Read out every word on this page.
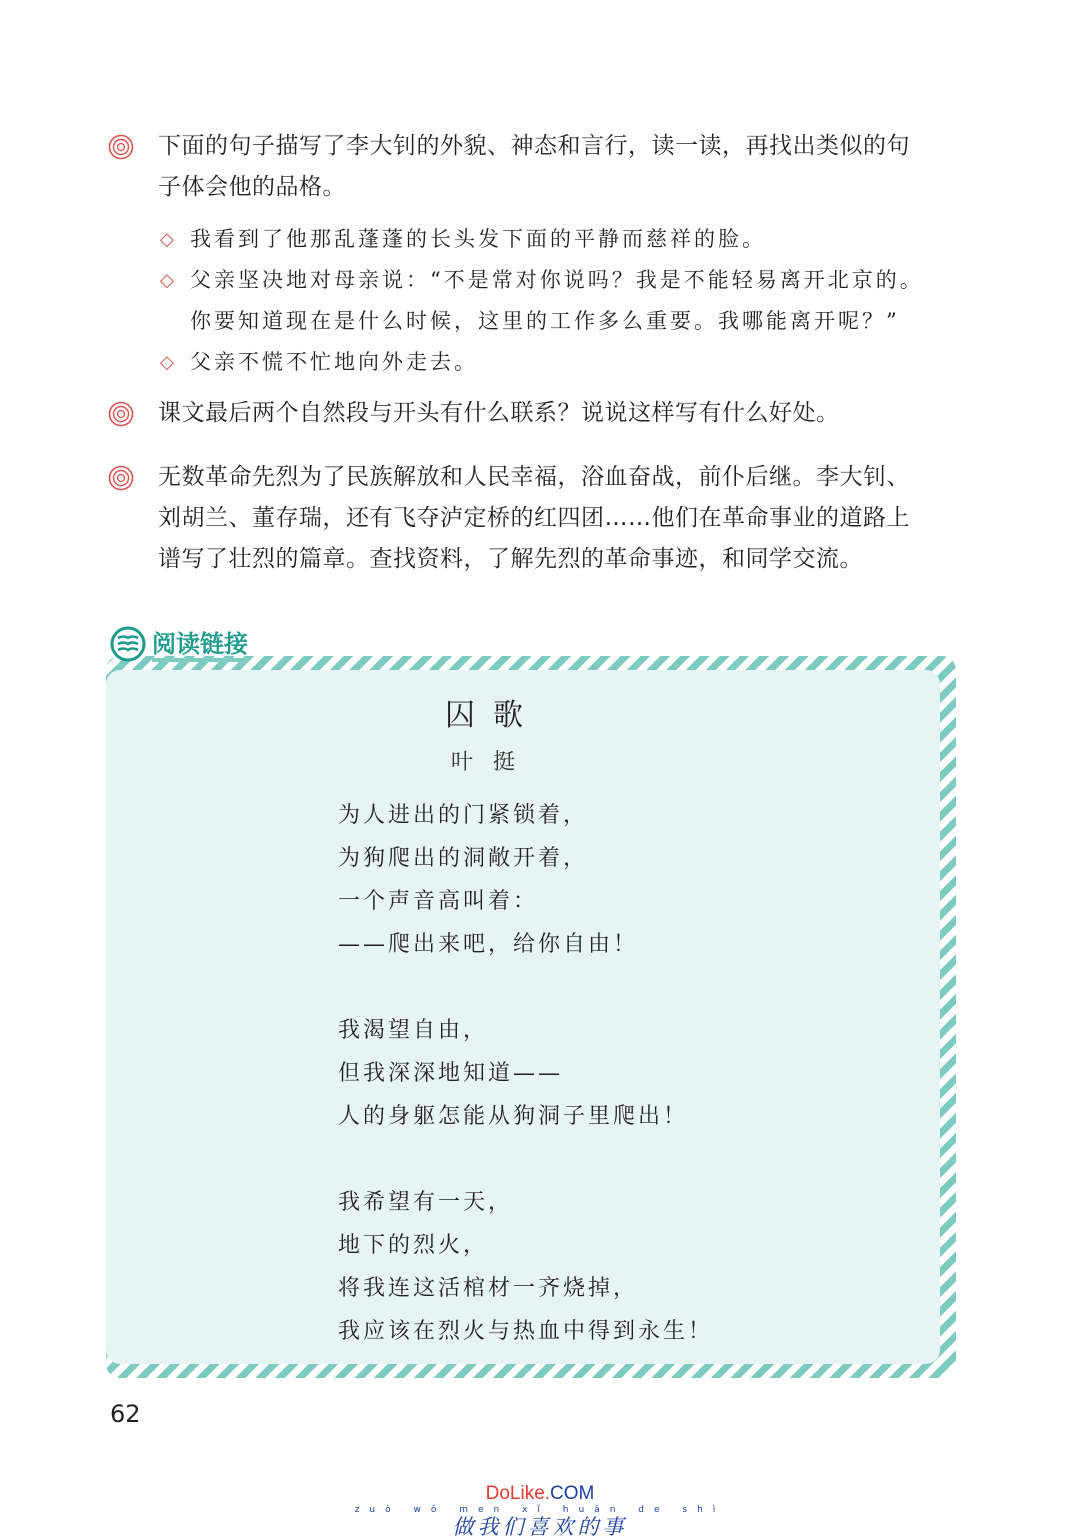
下面的句子描写了李大钊的外貌、神态和言行，读一读，再找出类似的句
子体会他的品格。
◇ 我看到了他那乱蓬蓬的长头发下面的平静而慈祥的脸。
◇ 父亲坚决地对母亲说：“不是常对你说吗？我是不能轻易离开北京的。
你要知道现在是什么时候，这里的工作多么重要。我哪能离开呢？”
◇ 父亲不慌不忙地向外走去。
课文最后两个自然段与开头有什么联系？说说这样写有什么好处。
无数革命先烈为了民族解放和人民幸福，浴血奋战，前仆后继。李大钊、
刘胡兰、董存瑞，还有飞夺泸定桥的红四团……他们在革命事业的道路上
谱写了壮烈的篇章。查找资料，了解先烈的革命事迹，和同学交流。
阅读链接
囚歌
叶挺
为人进出的门紧锁着，
为狗爬出的洞敞开着，
一个声音高叫着：
——爬出来吧，给你自由！
我渴望自由，
但我深深地知道——
人的身躯怎能从狗洞子里爬出！
我希望有一天，
地下的烈火，
将我连这活棺材一齐烧掉，
我应该在烈火与热血中得到永生！
62
DoLike.COM
zuò wǒ men xǐ huān de shì
做我们喜欢的事
